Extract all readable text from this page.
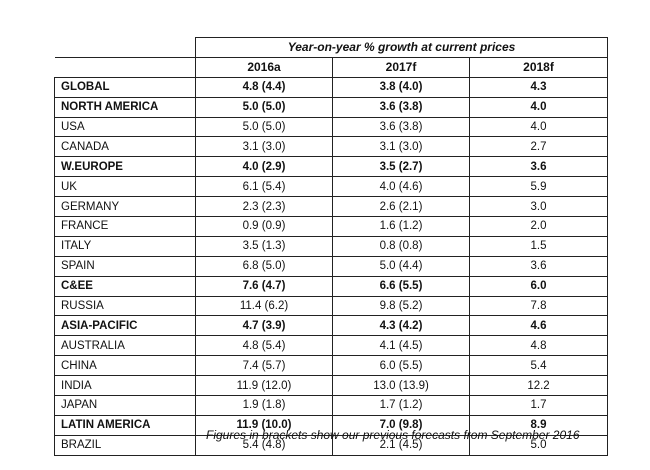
	Year-on-year % growth at current prices		
	2016a	2017f	2018f
GLOBAL	4.8 (4.4)	3.8 (4.0)	4.3
NORTH AMERICA	5.0 (5.0)	3.6 (3.8)	4.0
USA	5.0 (5.0)	3.6 (3.8)	4.0
CANADA	3.1 (3.0)	3.1 (3.0)	2.7
W.EUROPE	4.0 (2.9)	3.5 (2.7)	3.6
UK	6.1 (5.4)	4.0 (4.6)	5.9
GERMANY	2.3 (2.3)	2.6 (2.1)	3.0
FRANCE	0.9 (0.9)	1.6 (1.2)	2.0
ITALY	3.5 (1.3)	0.8 (0.8)	1.5
SPAIN	6.8 (5.0)	5.0 (4.4)	3.6
C&EE	7.6 (4.7)	6.6 (5.5)	6.0
RUSSIA	11.4 (6.2)	9.8 (5.2)	7.8
ASIA-PACIFIC	4.7 (3.9)	4.3 (4.2)	4.6
AUSTRALIA	4.8 (5.4)	4.1 (4.5)	4.8
CHINA	7.4 (5.7)	6.0 (5.5)	5.4
INDIA	11.9 (12.0)	13.0 (13.9)	12.2
JAPAN	1.9 (1.8)	1.7 (1.2)	1.7
LATIN AMERICA	11.9 (10.0)	7.0 (9.8)	8.9
BRAZIL	5.4 (4.8)	2.1 (4.5)	5.0
Figures in brackets show our previous forecasts from September 2016
